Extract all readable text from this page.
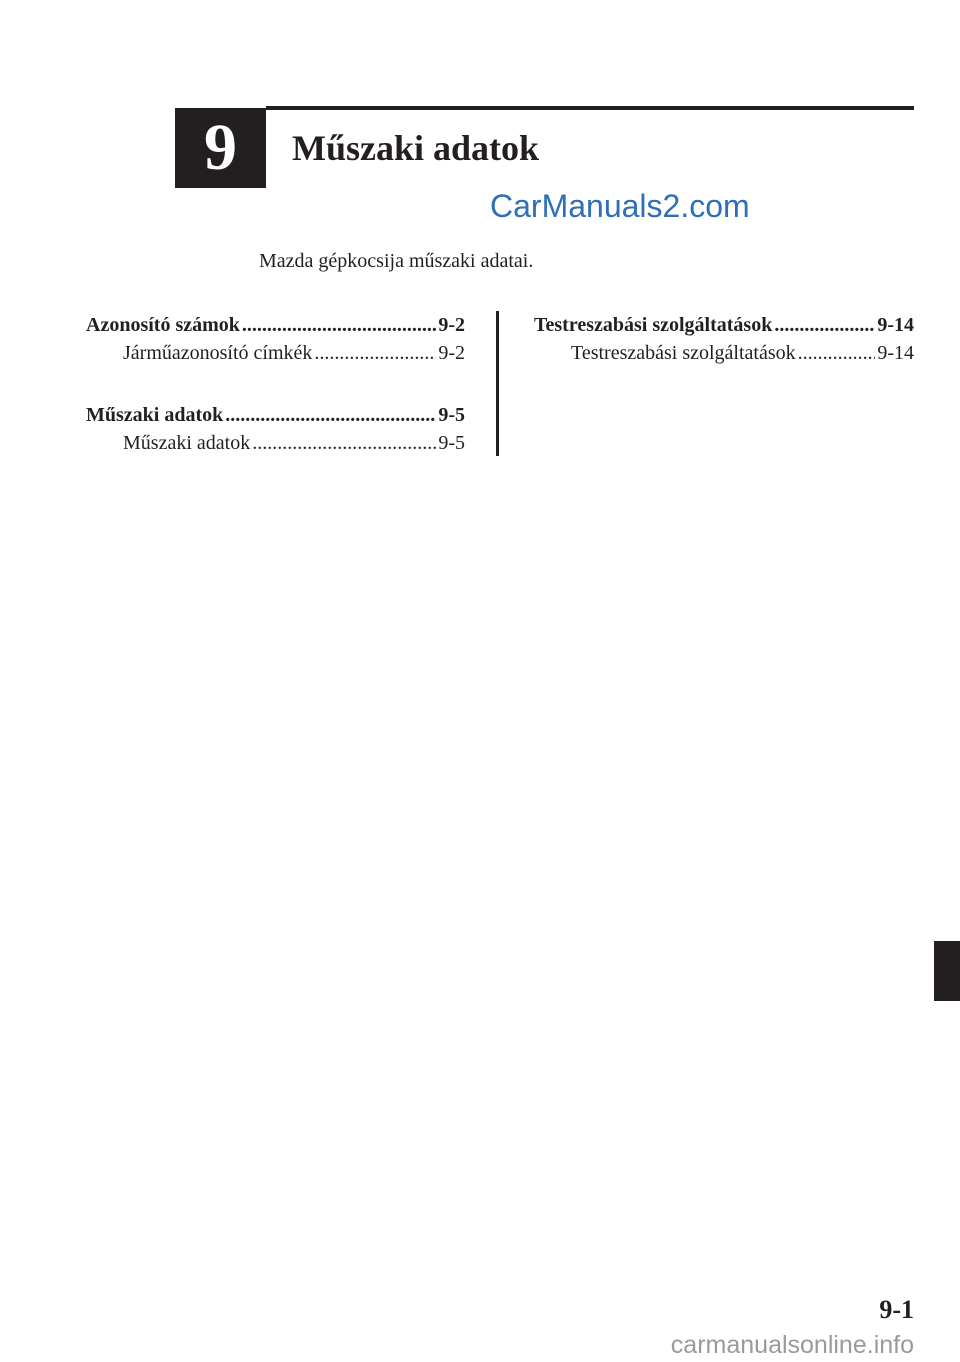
9	Műszaki adatok
CarManuals2.com
Mazda gépkocsija műszaki adatai.
Azonosító számok .....	9-2
Járműazonosító címkék .....	9-2
Műszaki adatok .....	9-5
Műszaki adatok .....	9-5
Testreszabási szolgáltatások .....	9-14
Testreszabási szolgáltatások .....	9-14
9-1
carmanualsonline.info
